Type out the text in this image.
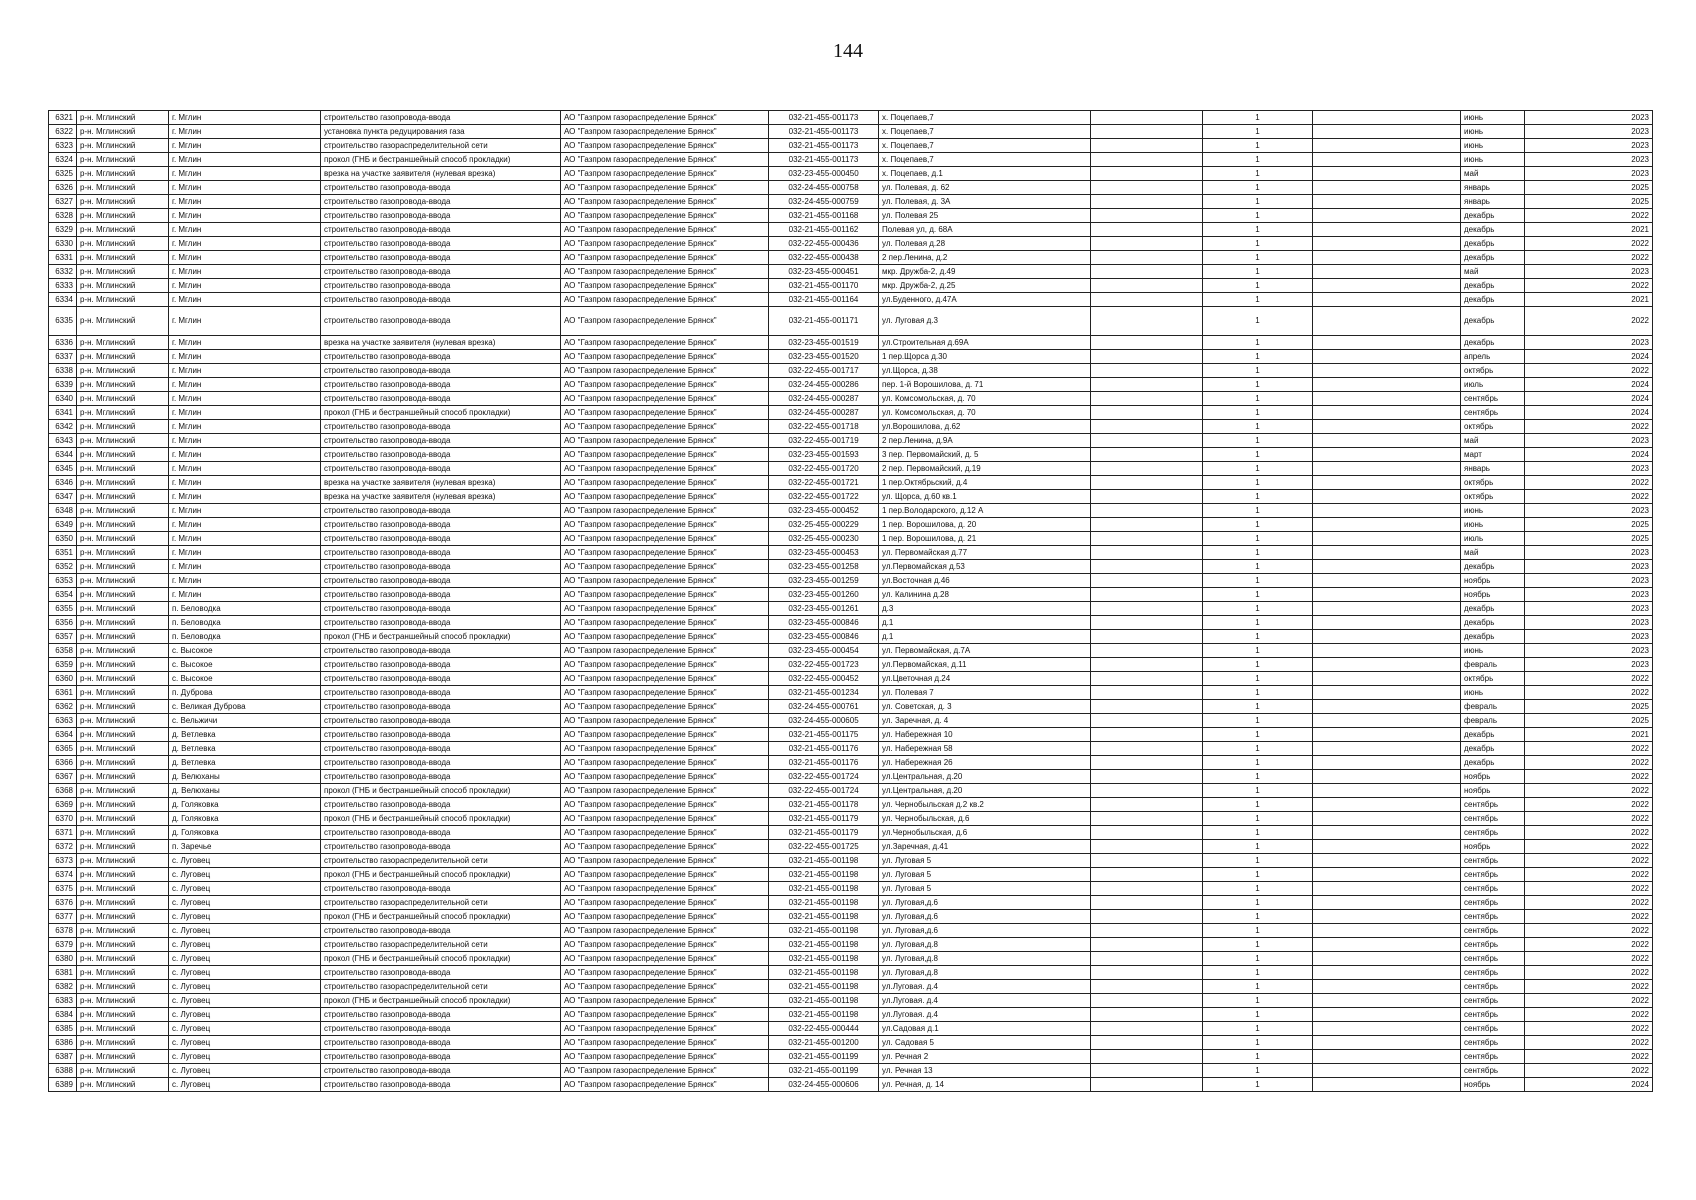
144
6321	р-н. Мглинский	г. Мглин	строительство газопровода-ввода	АО "Газпром газораспределение Брянск"	032-21-455-001173	х. Поцепаев,7		1		июнь	2023
6322	р-н. Мглинский	г. Мглин	установка пункта редуцирования газа	АО "Газпром газораспределение Брянск"	032-21-455-001173	х. Поцепаев,7		1		июнь	2023
6323	р-н. Мглинский	г. Мглин	строительство газораспределительной сети	АО "Газпром газораспределение Брянск"	032-21-455-001173	х. Поцепаев,7		1		июнь	2023
6324	р-н. Мглинский	г. Мглин	прокол (ГНБ и бестраншейный способ прокладки)	АО "Газпром газораспределение Брянск"	032-21-455-001173	х. Поцепаев,7		1		июнь	2023
6325	р-н. Мглинский	г. Мглин	врезка на участке заявителя (нулевая врезка)	АО "Газпром газораспределение Брянск"	032-23-455-000450	х. Поцепаев, д.1		1		май	2023
6326	р-н. Мглинский	г. Мглин	строительство газопровода-ввода	АО "Газпром газораспределение Брянск"	032-24-455-000758	ул. Полевая, д. 62		1		январь	2025
6327	р-н. Мглинский	г. Мглин	строительство газопровода-ввода	АО "Газпром газораспределение Брянск"	032-24-455-000759	ул. Полевая, д. 3А		1		январь	2025
6328	р-н. Мглинский	г. Мглин	строительство газопровода-ввода	АО "Газпром газораспределение Брянск"	032-21-455-001168	ул. Полевая 25		1		декабрь	2022
6329	р-н. Мглинский	г. Мглин	строительство газопровода-ввода	АО "Газпром газораспределение Брянск"	032-21-455-001162	Полевая ул, д. 68А		1		декабрь	2021
6330	р-н. Мглинский	г. Мглин	строительство газопровода-ввода	АО "Газпром газораспределение Брянск"	032-22-455-000436	ул. Полевая д.28		1		декабрь	2022
6331	р-н. Мглинский	г. Мглин	строительство газопровода-ввода	АО "Газпром газораспределение Брянск"	032-22-455-000438	2 пер.Ленина, д.2		1		декабрь	2022
6332	р-н. Мглинский	г. Мглин	строительство газопровода-ввода	АО "Газпром газораспределение Брянск"	032-23-455-000451	мкр. Дружба-2, д.49		1		май	2023
6333	р-н. Мглинский	г. Мглин	строительство газопровода-ввода	АО "Газпром газораспределение Брянск"	032-21-455-001170	мкр. Дружба-2, д.25		1		декабрь	2022
6334	р-н. Мглинский	г. Мглин	строительство газопровода-ввода	АО "Газпром газораспределение Брянск"	032-21-455-001164	ул.Буденного, д.47А		1		декабрь	2021
6335	р-н. Мглинский	г. Мглин	строительство газопровода-ввода	АО "Газпром газораспределение Брянск"	032-21-455-001171	ул. Луговая д.3		1		декабрь	2022
6336	р-н. Мглинский	г. Мглин	врезка на участке заявителя (нулевая врезка)	АО "Газпром газораспределение Брянск"	032-23-455-001519	ул.Строительная д.69А		1		декабрь	2023
6337	р-н. Мглинский	г. Мглин	строительство газопровода-ввода	АО "Газпром газораспределение Брянск"	032-23-455-001520	1 пер.Щорса д.30		1		апрель	2024
6338	р-н. Мглинский	г. Мглин	строительство газопровода-ввода	АО "Газпром газораспределение Брянск"	032-22-455-001717	ул.Щорса, д.38		1		октябрь	2022
6339	р-н. Мглинский	г. Мглин	строительство газопровода-ввода	АО "Газпром газораспределение Брянск"	032-24-455-000286	пер. 1-й Ворошилова, д. 71		1		июль	2024
6340	р-н. Мглинский	г. Мглин	строительство газопровода-ввода	АО "Газпром газораспределение Брянск"	032-24-455-000287	ул. Комсомольская, д. 70		1		сентябрь	2024
6341	р-н. Мглинский	г. Мглин	прокол (ГНБ и бестраншейный способ прокладки)	АО "Газпром газораспределение Брянск"	032-24-455-000287	ул. Комсомольская, д. 70		1		сентябрь	2024
6342	р-н. Мглинский	г. Мглин	строительство газопровода-ввода	АО "Газпром газораспределение Брянск"	032-22-455-001718	ул.Ворошилова, д.62		1		октябрь	2022
6343	р-н. Мглинский	г. Мглин	строительство газопровода-ввода	АО "Газпром газораспределение Брянск"	032-22-455-001719	2 пер.Ленина, д.9А		1		май	2023
6344	р-н. Мглинский	г. Мглин	строительство газопровода-ввода	АО "Газпром газораспределение Брянск"	032-23-455-001593	3 пер. Первомайский, д. 5		1		март	2024
6345	р-н. Мглинский	г. Мглин	строительство газопровода-ввода	АО "Газпром газораспределение Брянск"	032-22-455-001720	2 пер. Первомайский, д.19		1		январь	2023
6346	р-н. Мглинский	г. Мглин	врезка на участке заявителя (нулевая врезка)	АО "Газпром газораспределение Брянск"	032-22-455-001721	1 пер.Октябрьский, д.4		1		октябрь	2022
6347	р-н. Мглинский	г. Мглин	врезка на участке заявителя (нулевая врезка)	АО "Газпром газораспределение Брянск"	032-22-455-001722	ул. Щорса, д.60 кв.1		1		октябрь	2022
6348	р-н. Мглинский	г. Мглин	строительство газопровода-ввода	АО "Газпром газораспределение Брянск"	032-23-455-000452	1 пер.Володарского, д.12 А		1		июнь	2023
6349	р-н. Мглинский	г. Мглин	строительство газопровода-ввода	АО "Газпром газораспределение Брянск"	032-25-455-000229	1 пер. Ворошилова, д. 20		1		июнь	2025
6350	р-н. Мглинский	г. Мглин	строительство газопровода-ввода	АО "Газпром газораспределение Брянск"	032-25-455-000230	1 пер. Ворошилова, д. 21		1		июль	2025
6351	р-н. Мглинский	г. Мглин	строительство газопровода-ввода	АО "Газпром газораспределение Брянск"	032-23-455-000453	ул. Первомайская д.77		1		май	2023
6352	р-н. Мглинский	г. Мглин	строительство газопровода-ввода	АО "Газпром газораспределение Брянск"	032-23-455-001258	ул.Первомайская д.53		1		декабрь	2023
6353	р-н. Мглинский	г. Мглин	строительство газопровода-ввода	АО "Газпром газораспределение Брянск"	032-23-455-001259	ул.Восточная д.46		1		ноябрь	2023
6354	р-н. Мглинский	г. Мглин	строительство газопровода-ввода	АО "Газпром газораспределение Брянск"	032-23-455-001260	ул. Калинина д.28		1		ноябрь	2023
6355	р-н. Мглинский	п. Беловодка	строительство газопровода-ввода	АО "Газпром газораспределение Брянск"	032-23-455-001261	д.3		1		декабрь	2023
6356	р-н. Мглинский	п. Беловодка	строительство газопровода-ввода	АО "Газпром газораспределение Брянск"	032-23-455-000846	д.1		1		декабрь	2023
6357	р-н. Мглинский	п. Беловодка	прокол (ГНБ и бестраншейный способ прокладки)	АО "Газпром газораспределение Брянск"	032-23-455-000846	д.1		1		декабрь	2023
6358	р-н. Мглинский	с. Высокое	строительство газопровода-ввода	АО "Газпром газораспределение Брянск"	032-23-455-000454	ул. Первомайская, д.7А		1		июнь	2023
6359	р-н. Мглинский	с. Высокое	строительство газопровода-ввода	АО "Газпром газораспределение Брянск"	032-22-455-001723	ул.Первомайская, д.11		1		февраль	2023
6360	р-н. Мглинский	с. Высокое	строительство газопровода-ввода	АО "Газпром газораспределение Брянск"	032-22-455-000452	ул.Цветочная д.24		1		октябрь	2022
6361	р-н. Мглинский	п. Дуброва	строительство газопровода-ввода	АО "Газпром газораспределение Брянск"	032-21-455-001234	ул. Полевая 7		1		июнь	2022
6362	р-н. Мглинский	с. Великая Дуброва	строительство газопровода-ввода	АО "Газпром газораспределение Брянск"	032-24-455-000761	ул. Советская, д. 3		1		февраль	2025
6363	р-н. Мглинский	с. Вельжичи	строительство газопровода-ввода	АО "Газпром газораспределение Брянск"	032-24-455-000605	ул. Заречная, д. 4		1		февраль	2025
6364	р-н. Мглинский	д. Ветлевка	строительство газопровода-ввода	АО "Газпром газораспределение Брянск"	032-21-455-001175	ул. Набережная 10		1		декабрь	2021
6365	р-н. Мглинский	д. Ветлевка	строительство газопровода-ввода	АО "Газпром газораспределение Брянск"	032-21-455-001176	ул. Набережная 58		1		декабрь	2022
6366	р-н. Мглинский	д. Ветлевка	строительство газопровода-ввода	АО "Газпром газораспределение Брянск"	032-21-455-001176	ул. Набережная 26		1		декабрь	2022
6367	р-н. Мглинский	д. Велюханы	строительство газопровода-ввода	АО "Газпром газораспределение Брянск"	032-22-455-001724	ул.Центральная, д.20		1		ноябрь	2022
6368	р-н. Мглинский	д. Велюханы	прокол (ГНБ и бестраншейный способ прокладки)	АО "Газпром газораспределение Брянск"	032-22-455-001724	ул.Центральная, д.20		1		ноябрь	2022
6369	р-н. Мглинский	д. Голяковка	строительство газопровода-ввода	АО "Газпром газораспределение Брянск"	032-21-455-001178	ул. Чернобыльская д.2 кв.2		1		сентябрь	2022
6370	р-н. Мглинский	д. Голяковка	прокол (ГНБ и бестраншейный способ прокладки)	АО "Газпром газораспределение Брянск"	032-21-455-001179	ул. Чернобыльская, д.6		1		сентябрь	2022
6371	р-н. Мглинский	д. Голяковка	строительство газопровода-ввода	АО "Газпром газораспределение Брянск"	032-21-455-001179	ул.Чернобыльская, д.6		1		сентябрь	2022
6372	р-н. Мглинский	п. Заречье	строительство газопровода-ввода	АО "Газпром газораспределение Брянск"	032-22-455-001725	ул.Заречная, д.41		1		ноябрь	2022
6373	р-н. Мглинский	с. Луговец	строительство газораспределительной сети	АО "Газпром газораспределение Брянск"	032-21-455-001198	ул. Луговая 5		1		сентябрь	2022
6374	р-н. Мглинский	с. Луговец	прокол (ГНБ и бестраншейный способ прокладки)	АО "Газпром газораспределение Брянск"	032-21-455-001198	ул. Луговая 5		1		сентябрь	2022
6375	р-н. Мглинский	с. Луговец	строительство газопровода-ввода	АО "Газпром газораспределение Брянск"	032-21-455-001198	ул. Луговая 5		1		сентябрь	2022
6376	р-н. Мглинский	с. Луговец	строительство газораспределительной сети	АО "Газпром газораспределение Брянск"	032-21-455-001198	ул. Луговая,д.6		1		сентябрь	2022
6377	р-н. Мглинский	с. Луговец	прокол (ГНБ и бестраншейный способ прокладки)	АО "Газпром газораспределение Брянск"	032-21-455-001198	ул. Луговая,д.6		1		сентябрь	2022
6378	р-н. Мглинский	с. Луговец	строительство газопровода-ввода	АО "Газпром газораспределение Брянск"	032-21-455-001198	ул. Луговая,д.6		1		сентябрь	2022
6379	р-н. Мглинский	с. Луговец	строительство газораспределительной сети	АО "Газпром газораспределение Брянск"	032-21-455-001198	ул. Луговая,д.8		1		сентябрь	2022
6380	р-н. Мглинский	с. Луговец	прокол (ГНБ и бестраншейный способ прокладки)	АО "Газпром газораспределение Брянск"	032-21-455-001198	ул. Луговая,д.8		1		сентябрь	2022
6381	р-н. Мглинский	с. Луговец	строительство газопровода-ввода	АО "Газпром газораспределение Брянск"	032-21-455-001198	ул. Луговая,д.8		1		сентябрь	2022
6382	р-н. Мглинский	с. Луговец	строительство газораспределительной сети	АО "Газпром газораспределение Брянск"	032-21-455-001198	ул.Луговая. д.4		1		сентябрь	2022
6383	р-н. Мглинский	с. Луговец	прокол (ГНБ и бестраншейный способ прокладки)	АО "Газпром газораспределение Брянск"	032-21-455-001198	ул.Луговая. д.4		1		сентябрь	2022
6384	р-н. Мглинский	с. Луговец	строительство газопровода-ввода	АО "Газпром газораспределение Брянск"	032-21-455-001198	ул.Луговая. д.4		1		сентябрь	2022
6385	р-н. Мглинский	с. Луговец	строительство газопровода-ввода	АО "Газпром газораспределение Брянск"	032-22-455-000444	ул.Садовая д.1		1		сентябрь	2022
6386	р-н. Мглинский	с. Луговец	строительство газопровода-ввода	АО "Газпром газораспределение Брянск"	032-21-455-001200	ул. Садовая 5		1		сентябрь	2022
6387	р-н. Мглинский	с. Луговец	строительство газопровода-ввода	АО "Газпром газораспределение Брянск"	032-21-455-001199	ул. Речная 2		1		сентябрь	2022
6388	р-н. Мглинский	с. Луговец	строительство газопровода-ввода	АО "Газпром газораспределение Брянск"	032-21-455-001199	ул. Речная 13		1		сентябрь	2022
6389	р-н. Мглинский	с. Луговец	строительство газопровода-ввода	АО "Газпром газораспределение Брянск"	032-24-455-000606	ул. Речная, д. 14		1		ноябрь	2024
